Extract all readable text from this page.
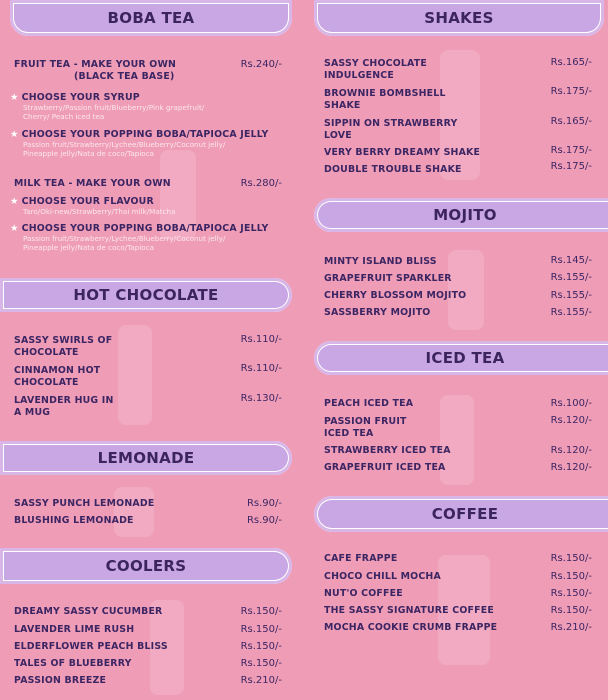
BOBA TEA
FRUIT TEA - MAKE YOUR OWN
(BLACK TEA BASE)
Rs.240/-
★ CHOOSE YOUR SYRUP
Strawberry/Passion fruit/Blueberry/Pink grapefruit/
Cherry/ Peach iced tea
★ CHOOSE YOUR POPPING BOBA/TAPIOCA JELLY
Passion fruit/Strawberry/Lychee/Blueberry/Coconut jelly/
Pineapple jelly/Nata de coco/Tapioca
MILK TEA - MAKE YOUR OWN	Rs.280/-
★ CHOOSE YOUR FLAVOUR
Taro/Oki-new/Strawberry/Thai milk/Matcha
★ CHOOSE YOUR POPPING BOBA/TAPIOCA JELLY
Passion fruit/Strawberry/Lychee/Blueberry/Coconut jelly/
Pineapple jelly/Nata de coco/Tapioca
HOT CHOCOLATE
SASSY SWIRLS OF
CHOCOLATE
Rs.110/-
CINNAMON HOT
CHOCOLATE
Rs.110/-
LAVENDER HUG IN
A MUG
Rs.130/-
LEMONADE
SASSY PUNCH LEMONADE	Rs.90/-
BLUSHING LEMONADE	Rs.90/-
COOLERS
DREAMY SASSY CUCUMBER	Rs.150/-
LAVENDER LIME RUSH	Rs.150/-
ELDERFLOWER PEACH BLISS	Rs.150/-
TALES OF BLUEBERRY	Rs.150/-
PASSION BREEZE	Rs.210/-
SHAKES
SASSY CHOCOLATE
INDULGENCE
Rs.165/-
BROWNIE BOMBSHELL
SHAKE
Rs.175/-
SIPPIN ON STRAWBERRY
LOVE
Rs.165/-
VERY BERRY DREAMY SHAKE	Rs.175/-
DOUBLE TROUBLE SHAKE	Rs.175/-
MOJITO
MINTY ISLAND BLISS	Rs.145/-
GRAPEFRUIT SPARKLER	Rs.155/-
CHERRY BLOSSOM MOJITO	Rs.155/-
SASSBERRY MOJITO	Rs.155/-
ICED TEA
PEACH ICED TEA	Rs.100/-
PASSION FRUIT
ICED TEA
Rs.120/-
STRAWBERRY ICED TEA	Rs.120/-
GRAPEFRUIT ICED TEA	Rs.120/-
COFFEE
CAFE FRAPPE	Rs.150/-
CHOCO CHILL MOCHA	Rs.150/-
NUT'O COFFEE	Rs.150/-
THE SASSY SIGNATURE COFFEE	Rs.150/-
MOCHA COOKIE CRUMB FRAPPE	Rs.210/-
